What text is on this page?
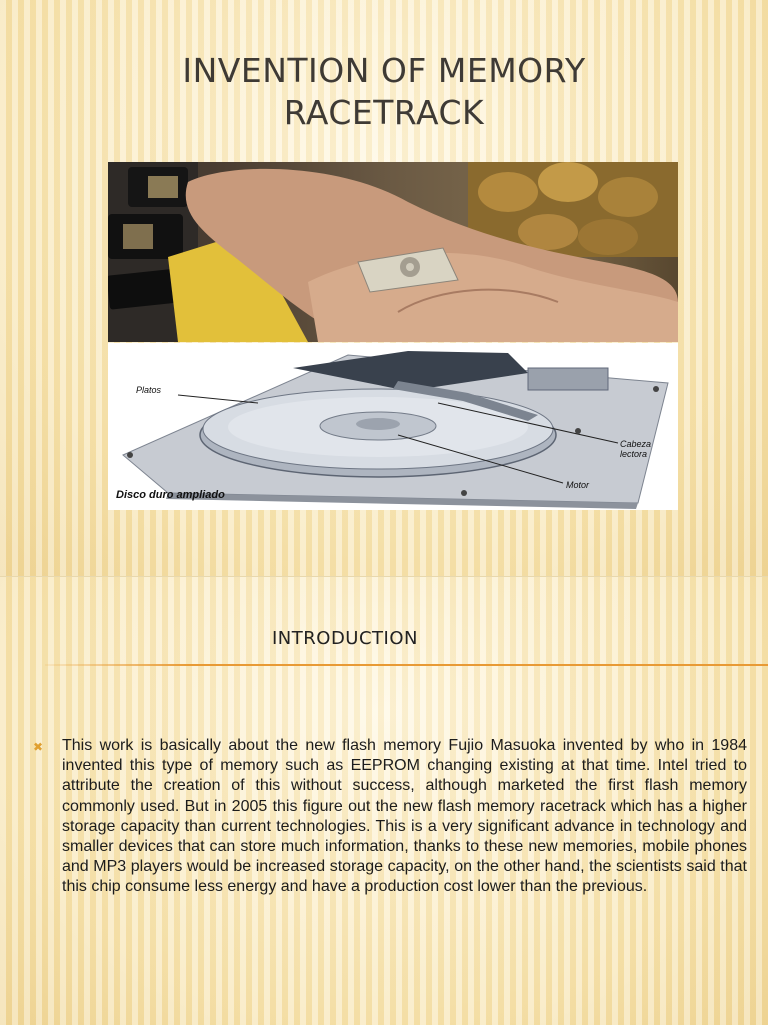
INVENTION OF MEMORY
RACETRACK
Platos
Cabeza
lectora
Motor
Disco duro ampliado
INTRODUCTION
✖ This work is basically about the new flash memory Fujio Masuoka invented by who in 1984 invented this type of memory such as EEPROM changing existing at that time. Intel tried to attribute the creation of this without success, although marketed the first flash memory commonly used. But in 2005 this figure out the new flash memory racetrack which has a higher storage capacity than current technologies. This is a very significant advance in technology and smaller devices that can store much information, thanks to these new memories, mobile phones and MP3 players would be increased storage capacity, on the other hand, the scientists said that this chip consume less energy and have a production cost lower than the previous.
